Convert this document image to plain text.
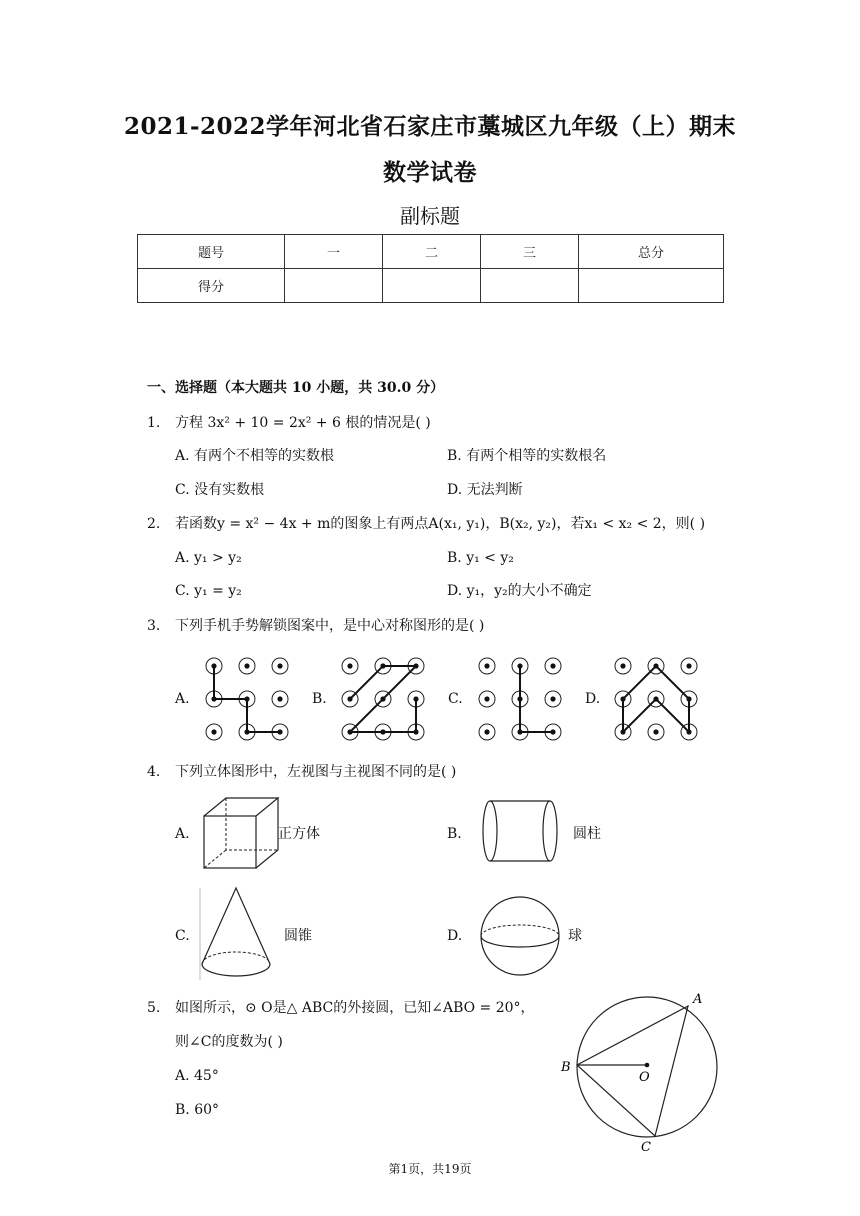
2021-2022学年河北省石家庄市藁城区九年级（上）期末
数学试卷
副标题
题号	一	二	三	总分
得分				
一、选择题（本大题共 10 小题，共 30.0 分）
1. 方程 3x² + 10 = 2x² + 6 根的情况是( )
A. 有两个不相等的实数根	B. 有两个相等的实数根名
C. 没有实数根	D. 无法判断
2. 若函数y = x² − 4x + m的图象上有两点A(x₁, y₁)，B(x₂, y₂)，若x₁ < x₂ < 2，则( )
A. y₁ > y₂	B. y₁ < y₂
C. y₁ = y₂	D. y₁，y₂的大小不确定
3. 下列手机手势解锁图案中，是中心对称图形的是( )
A.	B.	C.	D.
4. 下列立体图形中，左视图与主视图不同的是( )
A.	正方体	B.	圆柱
C.	圆锥	D.	球
5. 如图所示，⊙ O是△ ABC的外接圆，已知∠ABO = 20°，
则∠C的度数为( )
A. 45°
B. 60°
A
B
C
O
第1页，共19页
